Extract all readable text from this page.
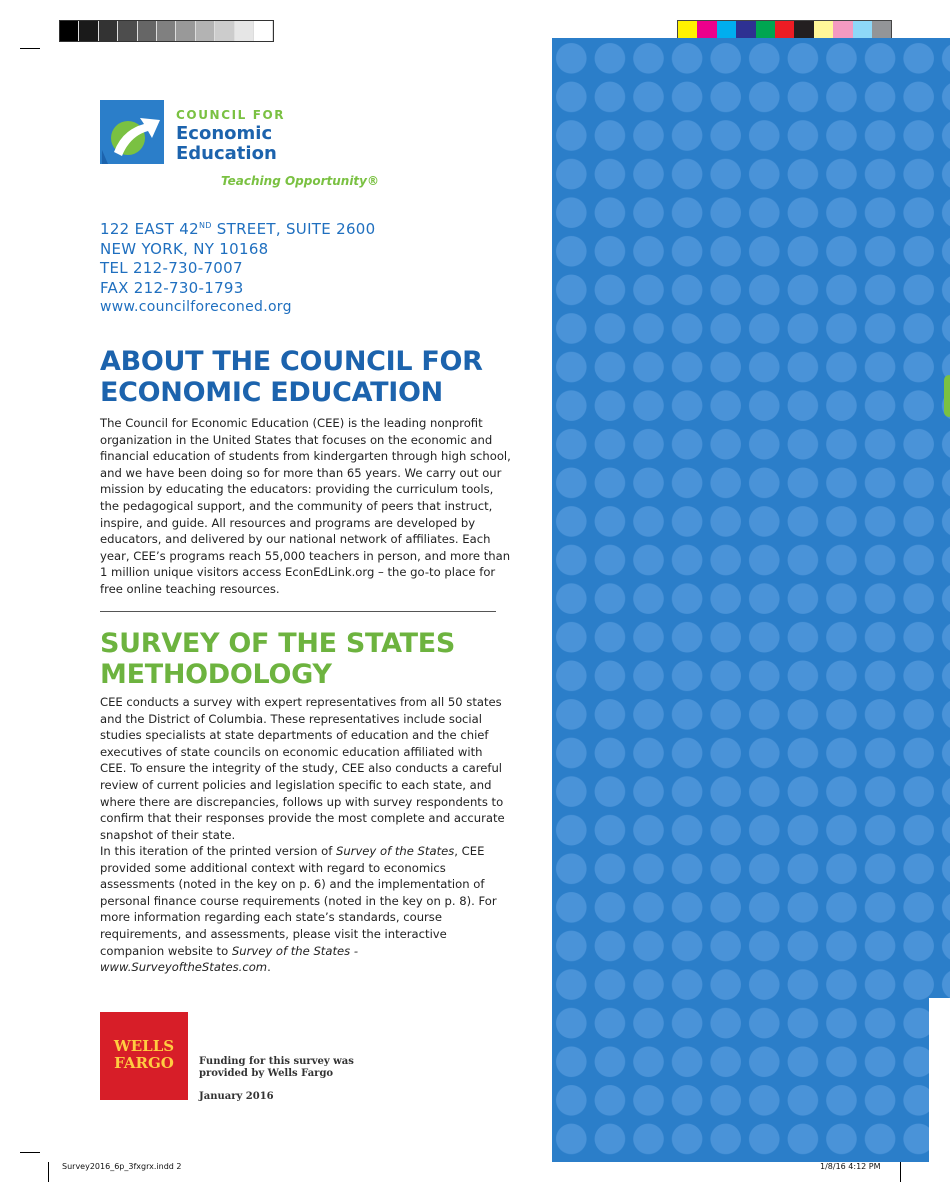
COUNCIL FOR
Economic
Education
Teaching Opportunity®
122 EAST 42ND STREET, SUITE 2600
NEW YORK, NY 10168
TEL 212-730-7007
FAX 212-730-1793
www.councilforeconed.org
ABOUT THE COUNCIL FOR
ECONOMIC EDUCATION

The Council for Economic Education (CEE) is the leading nonprofit organization in the United States that focuses on the economic and financial education of students from kindergarten through high school, and we have been doing so for more than 65 years. We carry out our mission by educating the educators: providing the curriculum tools, the pedagogical support, and the community of peers that instruct, inspire, and guide. All resources and programs are developed by educators, and delivered by our national network of affiliates. Each year, CEE’s programs reach 55,000 teachers in person, and more than 1 million unique visitors access EconEdLink.org – the go-to place for free online teaching resources.

SURVEY OF THE STATES
METHODOLOGY

CEE conducts a survey with expert representatives from all 50 states and the District of Columbia. These representatives include social studies specialists at state departments of education and the chief executives of state councils on economic education affiliated with CEE. To ensure the integrity of the study, CEE also conducts a careful review of current policies and legislation specific to each state, and where there are discrepancies, follows up with survey respondents to confirm that their responses provide the most complete and accurate snapshot of their state.

In this iteration of the printed version of Survey of the States, CEE provided some additional context with regard to economics assessments (noted in the key on p. 6) and the implementation of personal finance course requirements (noted in the key on p. 8). For more information regarding each state’s standards, course requirements, and assessments, please visit the interactive companion website to Survey of the States - www.SurveyoftheStates.com.

WELLS
FARGO	Funding for this survey was
provided by Wells Fargo
January 2016
Survey2016_6p_3fxgrx.indd 2	1/8/16 4:12 PM
